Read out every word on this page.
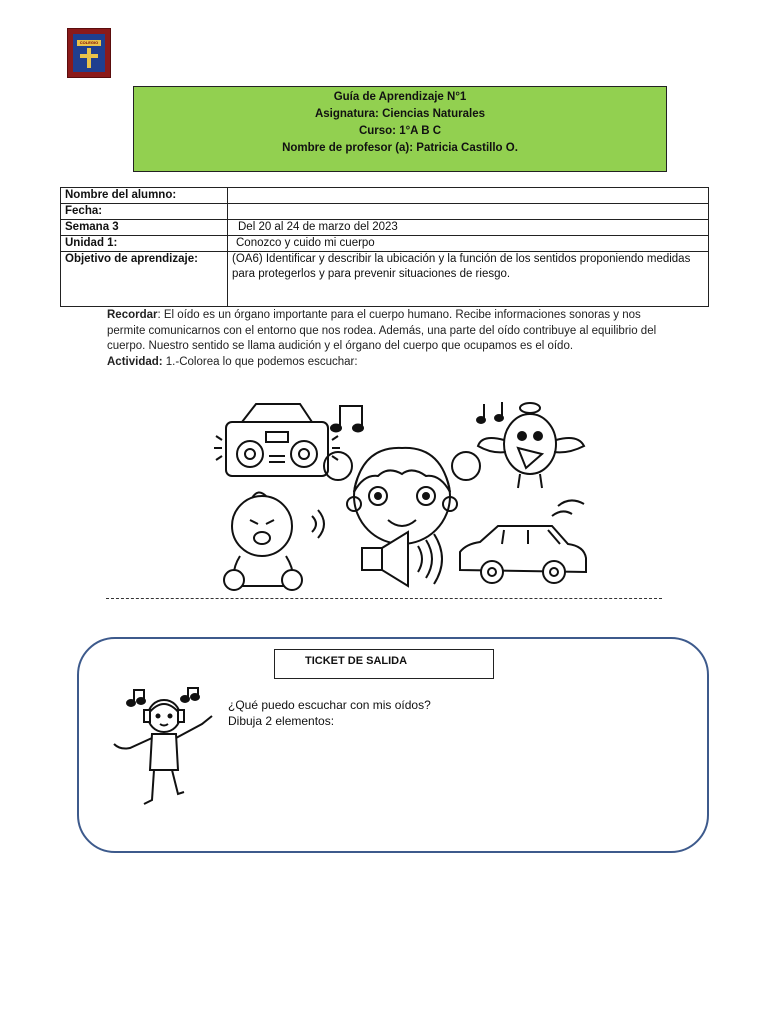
COLEGIO
Guía de Aprendizaje N°1
Asignatura: Ciencias Naturales
Curso: 1°A B C
Nombre de profesor (a): Patricia Castillo O.
Nombre del alumno:	
Fecha:	
Semana 3	Del 20 al 24 de marzo del 2023
Unidad 1:	Conozco y cuido mi cuerpo
Objetivo de aprendizaje:	(OA6) Identificar y describir la ubicación y la función de los sentidos proponiendo medidas para protegerlos y para prevenir situaciones de riesgo.
Recordar: El oído es un órgano importante para el cuerpo humano. Recibe informaciones sonoras y nos permite comunicarnos con el entorno que nos rodea. Además, una parte del oído contribuye al equilibrio del cuerpo. Nuestro sentido se llama audición y el órgano del cuerpo que ocupamos es el oído.
Actividad: 1.-Colorea lo que podemos escuchar:
TICKET DE SALIDA
¿Qué puedo escuchar con mis oídos?
Dibuja 2 elementos:
